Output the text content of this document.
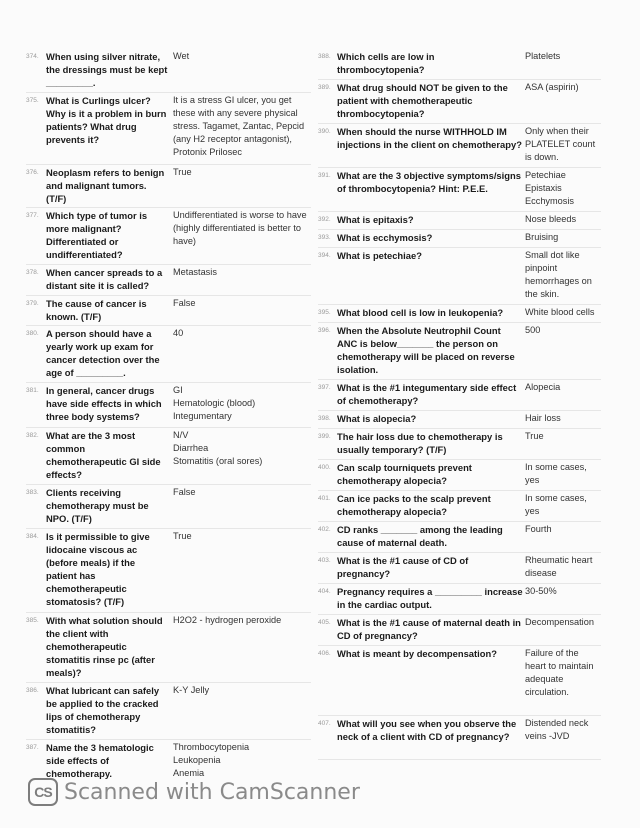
374. When using silver nitrate, the dressings must be kept _________.
Wet
375. What is Curlings ulcer? Why is it a problem in burn patients? What drug prevents it?
It is a stress GI ulcer, you get these with any severe physical stress. Tagamet, Zantac, Pepcid (any H2 receptor antagonist), Protonix Prilosec
376. Neoplasm refers to benign and malignant tumors. (T/F)
True
377. Which type of tumor is more malignant? Differentiated or undifferentiated?
Undifferentiated is worse to have (highly differentiated is better to have)
378. When cancer spreads to a distant site it is called?
Metastasis
379. The cause of cancer is known. (T/F)
False
380. A person should have a yearly work up exam for cancer detection over the age of _________.
40
381. In general, cancer drugs have side effects in which three body systems?
GI
Hematologic (blood)
Integumentary
382. What are the 3 most common chemotherapeutic GI side effects?
N/V
Diarrhea
Stomatitis (oral sores)
383. Clients receiving chemotherapy must be NPO. (T/F)
False
384. Is it permissible to give lidocaine viscous ac (before meals) if the patient has chemotherapeutic stomatosis? (T/F)
True
385. With what solution should the client with chemotherapeutic stomatitis rinse pc (after meals)?
H2O2 - hydrogen peroxide
386. What lubricant can safely be applied to the cracked lips of chemotherapy stomatitis?
K-Y Jelly
387. Name the 3 hematologic side effects of chemotherapy.
Thrombocytopenia
Leukopenia
Anemia
388. Which cells are low in thrombocytopenia?
Platelets
389. What drug should NOT be given to the patient with chemotherapeutic thrombocytopenia?
ASA (aspirin)
390. When should the nurse WITHHOLD IM injections in the client on chemotherapy?
Only when their PLATELET count is down.
391. What are the 3 objective symptoms/signs of thrombocytopenia? Hint: P.E.E.
Petechiae
Epistaxis
Ecchymosis
392. What is epitaxis?	Nose bleeds
393. What is ecchymosis?	Bruising
394. What is petechiae?	Small dot like pinpoint hemorrhages on the skin.
395. What blood cell is low in leukopenia?	White blood cells
396. When the Absolute Neutrophil Count ANC is below_______ the person on chemotherapy will be placed on reverse isolation.
500
397. What is the #1 integumentary side effect of chemotherapy?
Alopecia
398. What is alopecia?	Hair loss
399. The hair loss due to chemotherapy is usually temporary? (T/F)
True
400. Can scalp tourniquets prevent chemotherapy alopecia?
In some cases, yes
401. Can ice packs to the scalp prevent chemotherapy alopecia?
In some cases, yes
402. CD ranks _______ among the leading cause of maternal death.
Fourth
403. What is the #1 cause of CD of pregnancy?
Rheumatic heart disease
404. Pregnancy requires a _________ increase in the cardiac output.
30-50%
405. What is the #1 cause of maternal death in CD of pregnancy?
Decompensation
406. What is meant by decompensation?	Failure of the heart to maintain adequate circulation.
407. What will you see when you observe the neck of a client with CD of pregnancy?
Distended neck veins -JVD
CS Scanned with CamScanner
